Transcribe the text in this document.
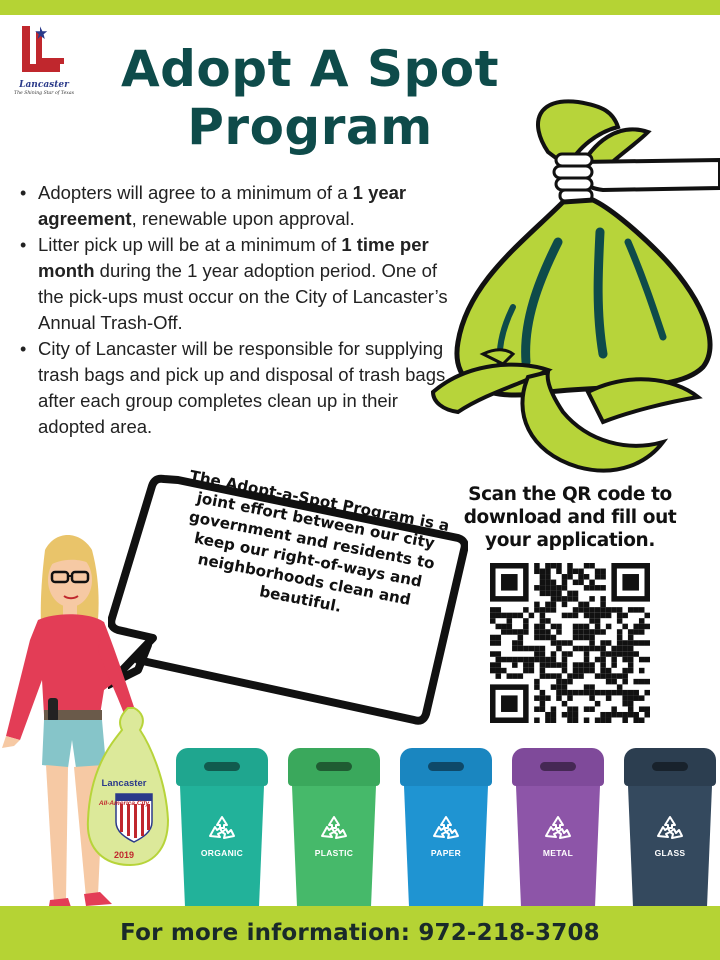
Lancaster
The Shining Star of Texas Adopt A Spot
Program
• Adopters will agree to a minimum of a 1 year agreement, renewable upon approval.
• Litter pick up will be at a minimum of 1 time per month during the 1 year adoption period. One of the pick-ups must occur on the City of Lancaster’s Annual Trash-Off.
• City of Lancaster will be responsible for supplying trash bags and pick up and disposal of trash bags after each group completes clean up in their adopted area.
The Adopt-a-Spot Program is a joint effort between our city government and residents to keep our right-of-ways and neighborhoods clean and beautiful.
Scan the QR code to download and fill out your application.
Lancaster
All-America City
2019	ORGANIC	PLASTIC	PAPER	METAL	GLASS
For more information: 972-218-3708
